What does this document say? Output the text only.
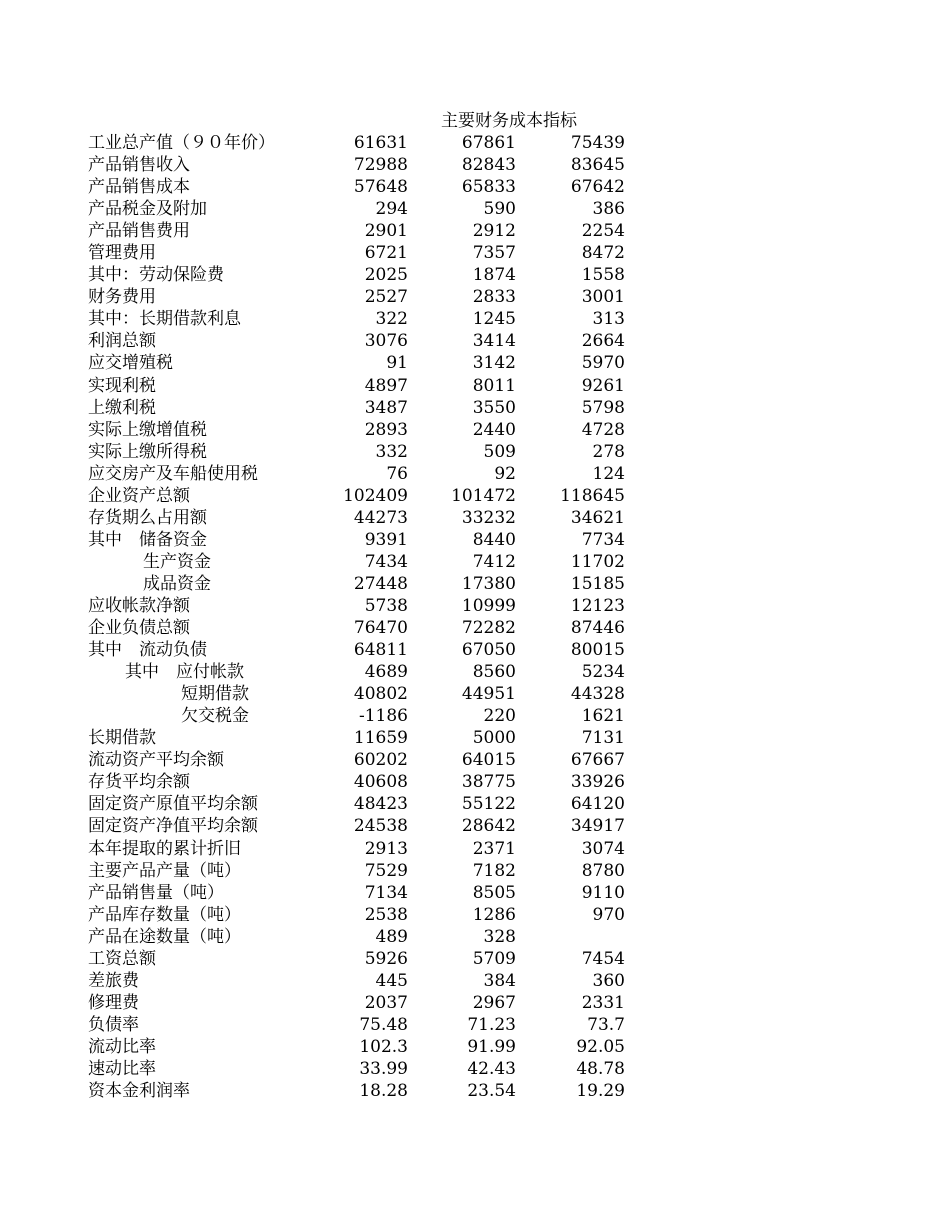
主要财务成本指标
工业总产值（９０年价）	61631	67861	75439
产品销售收入	72988	82843	83645
产品销售成本	57648	65833	67642
产品税金及附加	294	590	386
产品销售费用	2901	2912	2254
管理费用	6721	7357	8472
其中：劳动保险费	2025	1874	1558
财务费用	2527	2833	3001
其中：长期借款利息	322	1245	313
利润总额	3076	3414	2664
应交增殖税	91	3142	5970
实现利税	4897	8011	9261
上缴利税	3487	3550	5798
实际上缴增值税	2893	2440	4728
实际上缴所得税	332	509	278
应交房产及车船使用税	76	92	124
企业资产总额	102409	101472	118645
存货期么占用额	44273	33232	34621
其中　储备资金	9391	8440	7734
生产资金	7434	7412	11702
成品资金	27448	17380	15185
应收帐款净额	5738	10999	12123
企业负债总额	76470	72282	87446
其中　流动负债	64811	67050	80015
其中　应付帐款	4689	8560	5234
短期借款	40802	44951	44328
欠交税金	-1186	220	1621
长期借款	11659	5000	7131
流动资产平均余额	60202	64015	67667
存货平均余额	40608	38775	33926
固定资产原值平均余额	48423	55122	64120
固定资产净值平均余额	24538	28642	34917
本年提取的累计折旧	2913	2371	3074
主要产品产量（吨）	7529	7182	8780
产品销售量（吨）	7134	8505	9110
产品库存数量（吨）	2538	1286	970
产品在途数量（吨）	489	328
工资总额	5926	5709	7454
差旅费	445	384	360
修理费	2037	2967	2331
负债率	75.48	71.23	73.7
流动比率	102.3	91.99	92.05
速动比率	33.99	42.43	48.78
资本金利润率	18.28	23.54	19.29
